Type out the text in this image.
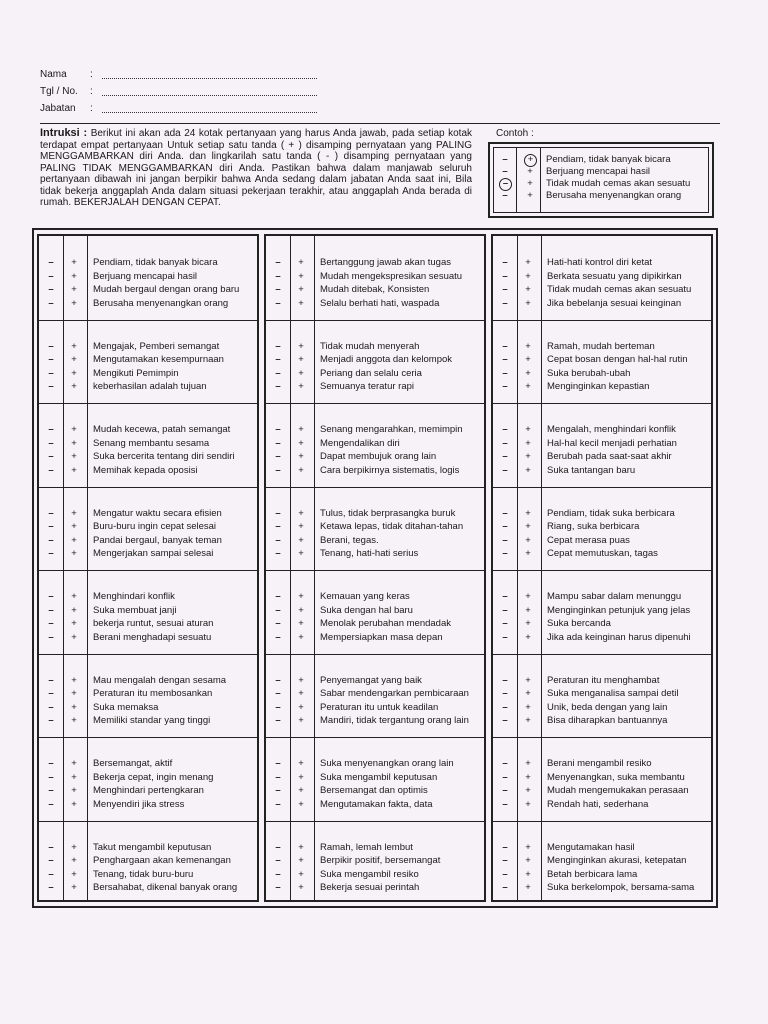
Nama	:
Tgl / No.	:
Jabatan	:
Intruksi : Berikut ini akan ada 24 kotak pertanyaan yang harus Anda jawab, pada setiap kotak terdapat empat pertanyaan Untuk setiap satu tanda ( + ) disamping pernyataan yang PALING MENGGAMBARKAN diri Anda. dan lingkarilah satu tanda ( - ) disamping pernyataan yang PALING TIDAK MENGGAMBARKAN diri Anda. Pastikan bahwa dalam manjawab seluruh pertanyaan dibawah ini jangan berpikir bahwa Anda sedang dalam jabatan Anda saat ini, Bila tidak bekerja anggaplah Anda dalam situasi pekerjaan terakhir, atau anggaplah Anda berada di rumah. BEKERJALAH DENGAN CEPAT.
Contoh :
– + Pendiam, tidak banyak bicara
– + Berjuang mencapai hasil
– + Tidak mudah cemas akan sesuatu
– + Berusaha menyenangkan orang
–	+	Pendiam, tidak banyak bicara
–	+	Berjuang mencapai hasil
–	+	Mudah bergaul dengan orang baru
–	+	Berusaha menyenangkan orang
–	+	Mengajak, Pemberi semangat
–	+	Mengutamakan kesempurnaan
–	+	Mengikuti Pemimpin
–	+	keberhasilan adalah tujuan
–	+	Mudah kecewa, patah semangat
–	+	Senang membantu sesama
–	+	Suka bercerita tentang diri sendiri
–	+	Memihak kepada oposisi
–	+	Mengatur waktu secara efisien
–	+	Buru-buru ingin cepat selesai
–	+	Pandai bergaul, banyak teman
–	+	Mengerjakan sampai selesai
–	+	Menghindari konflik
–	+	Suka membuat janji
–	+	bekerja runtut, sesuai aturan
–	+	Berani menghadapi sesuatu
–	+	Mau mengalah dengan sesama
–	+	Peraturan itu membosankan
–	+	Suka memaksa
–	+	Memiliki standar yang tinggi
–	+	Bersemangat, aktif
–	+	Bekerja cepat, ingin menang
–	+	Menghindari pertengkaran
–	+	Menyendiri jika stress
–	+	Takut mengambil keputusan
–	+	Penghargaan akan kemenangan
–	+	Tenang, tidak buru-buru
–	+	Bersahabat, dikenal banyak orang
–	+	Bertanggung jawab akan tugas
–	+	Mudah mengekspresikan sesuatu
–	+	Mudah ditebak, Konsisten
–	+	Selalu berhati hati, waspada
–	+	Tidak mudah menyerah
–	+	Menjadi anggota dan kelompok
–	+	Periang dan selalu ceria
–	+	Semuanya teratur rapi
–	+	Senang mengarahkan, memimpin
–	+	Mengendalikan diri
–	+	Dapat membujuk orang lain
–	+	Cara berpikirnya sistematis, logis
–	+	Tulus, tidak berprasangka buruk
–	+	Ketawa lepas, tidak ditahan-tahan
–	+	Berani, tegas.
–	+	Tenang, hati-hati serius
–	+	Kemauan yang keras
–	+	Suka dengan hal baru
–	+	Menolak perubahan mendadak
–	+	Mempersiapkan masa depan
–	+	Penyemangat yang baik
–	+	Sabar mendengarkan pembicaraan
–	+	Peraturan itu untuk keadilan
–	+	Mandiri, tidak tergantung orang lain
–	+	Suka menyenangkan orang lain
–	+	Suka mengambil keputusan
–	+	Bersemangat dan optimis
–	+	Mengutamakan fakta, data
–	+	Ramah, lemah lembut
–	+	Berpikir positif, bersemangat
–	+	Suka mengambil resiko
–	+	Bekerja sesuai perintah
–	+	Hati-hati kontrol diri ketat
–	+	Berkata sesuatu yang dipikirkan
–	+	Tidak mudah cemas akan sesuatu
–	+	Jika bebelanja sesuai keinginan
–	+	Ramah, mudah berteman
–	+	Cepat bosan dengan hal-hal rutin
–	+	Suka berubah-ubah
–	+	Menginginkan kepastian
–	+	Mengalah, menghindari konflik
–	+	Hal-hal kecil menjadi perhatian
–	+	Berubah pada saat-saat akhir
–	+	Suka tantangan baru
–	+	Pendiam, tidak suka berbicara
–	+	Riang, suka berbicara
–	+	Cepat merasa puas
–	+	Cepat memutuskan, tagas
–	+	Mampu sabar dalam menunggu
–	+	Menginginkan petunjuk yang jelas
–	+	Suka bercanda
–	+	Jika ada keinginan harus dipenuhi
–	+	Peraturan itu menghambat
–	+	Suka menganalisa sampai detil
–	+	Unik, beda dengan yang lain
–	+	Bisa diharapkan bantuannya
–	+	Berani mengambil resiko
–	+	Menyenangkan, suka membantu
–	+	Mudah mengemukakan perasaan
–	+	Rendah hati, sederhana
–	+	Mengutamakan hasil
–	+	Menginginkan akurasi, ketepatan
–	+	Betah berbicara lama
–	+	Suka berkelompok, bersama-sama
